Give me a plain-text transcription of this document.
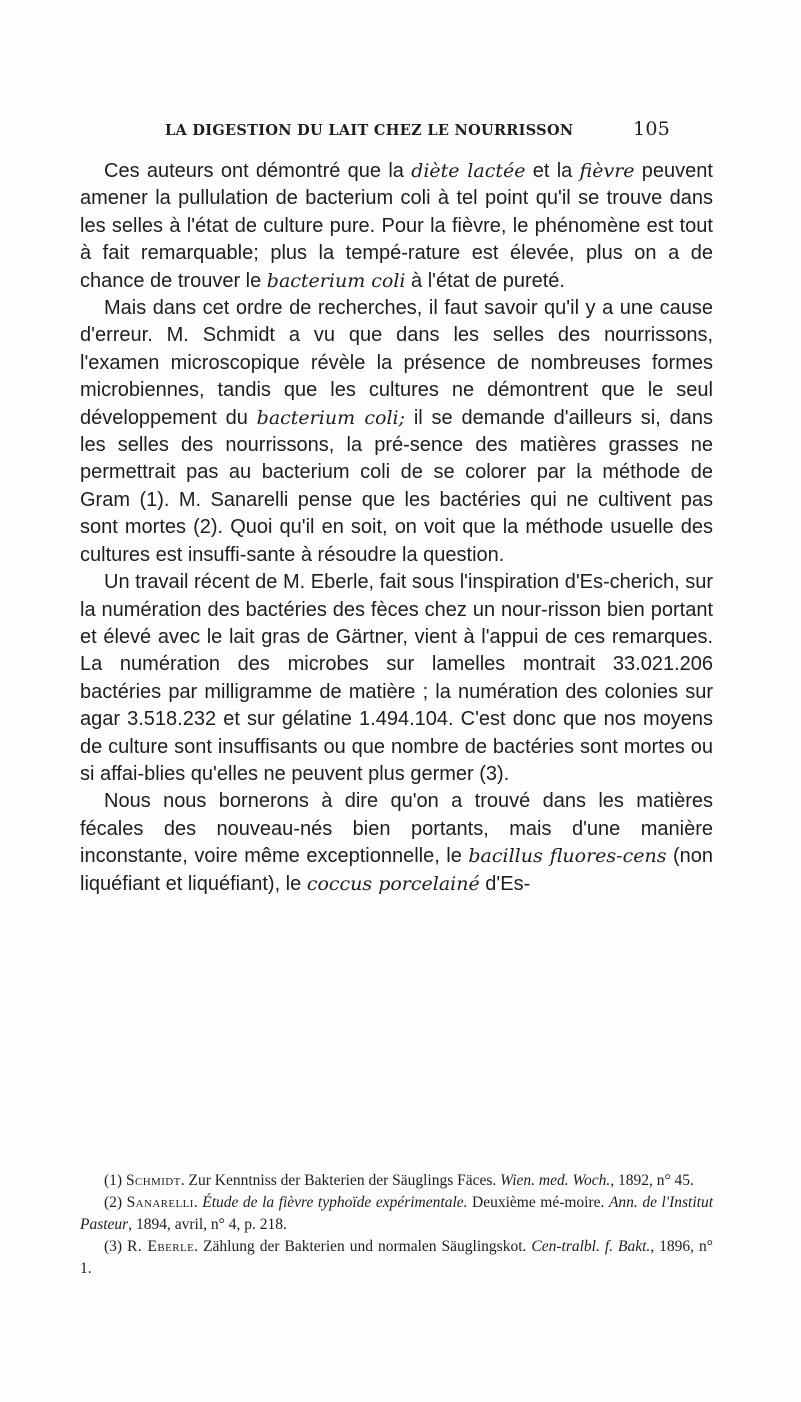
LA DIGESTION DU LAIT CHEZ LE NOURRISSON	105

Ces auteurs ont démontré que la diète lactée et la fièvre peuvent amener la pullulation de bacterium coli à tel point qu'il se trouve dans les selles à l'état de culture pure. Pour la fièvre, le phénomène est tout à fait remarquable; plus la tempé-rature est élevée, plus on a de chance de trouver le bacterium coli à l'état de pureté.

Mais dans cet ordre de recherches, il faut savoir qu'il y a une cause d'erreur. M. Schmidt a vu que dans les selles des nourrissons, l'examen microscopique révèle la présence de nombreuses formes microbiennes, tandis que les cultures ne démontrent que le seul développement du bacterium coli; il se demande d'ailleurs si, dans les selles des nourrissons, la pré-sence des matières grasses ne permettrait pas au bacterium coli de se colorer par la méthode de Gram (1). M. Sanarelli pense que les bactéries qui ne cultivent pas sont mortes (2). Quoi qu'il en soit, on voit que la méthode usuelle des cultures est insuffi-sante à résoudre la question.

Un travail récent de M. Eberle, fait sous l'inspiration d'Es-cherich, sur la numération des bactéries des fèces chez un nour-risson bien portant et élevé avec le lait gras de Gärtner, vient à l'appui de ces remarques. La numération des microbes sur lamelles montrait 33.021.206 bactéries par milligramme de matière ; la numération des colonies sur agar 3.518.232 et sur gélatine 1.494.104. C'est donc que nos moyens de culture sont insuffisants ou que nombre de bactéries sont mortes ou si affai-blies qu'elles ne peuvent plus germer (3).

Nous nous bornerons à dire qu'on a trouvé dans les matières fécales des nouveau-nés bien portants, mais d'une manière inconstante, voire même exceptionnelle, le bacillus fluores-cens (non liquéfiant et liquéfiant), le coccus porcelainé d'Es-

(1) Schmidt. Zur Kenntniss der Bakterien der Säuglings Fäces. Wien. med. Woch., 1892, n° 45.

(2) Sanarelli. Étude de la fièvre typhoïde expérimentale. Deuxième mé-moire. Ann. de l'Institut Pasteur, 1894, avril, n° 4, p. 218.

(3) R. Eberle. Zählung der Bakterien und normalen Säuglingskot. Cen-tralbl. f. Bakt., 1896, n° 1.
